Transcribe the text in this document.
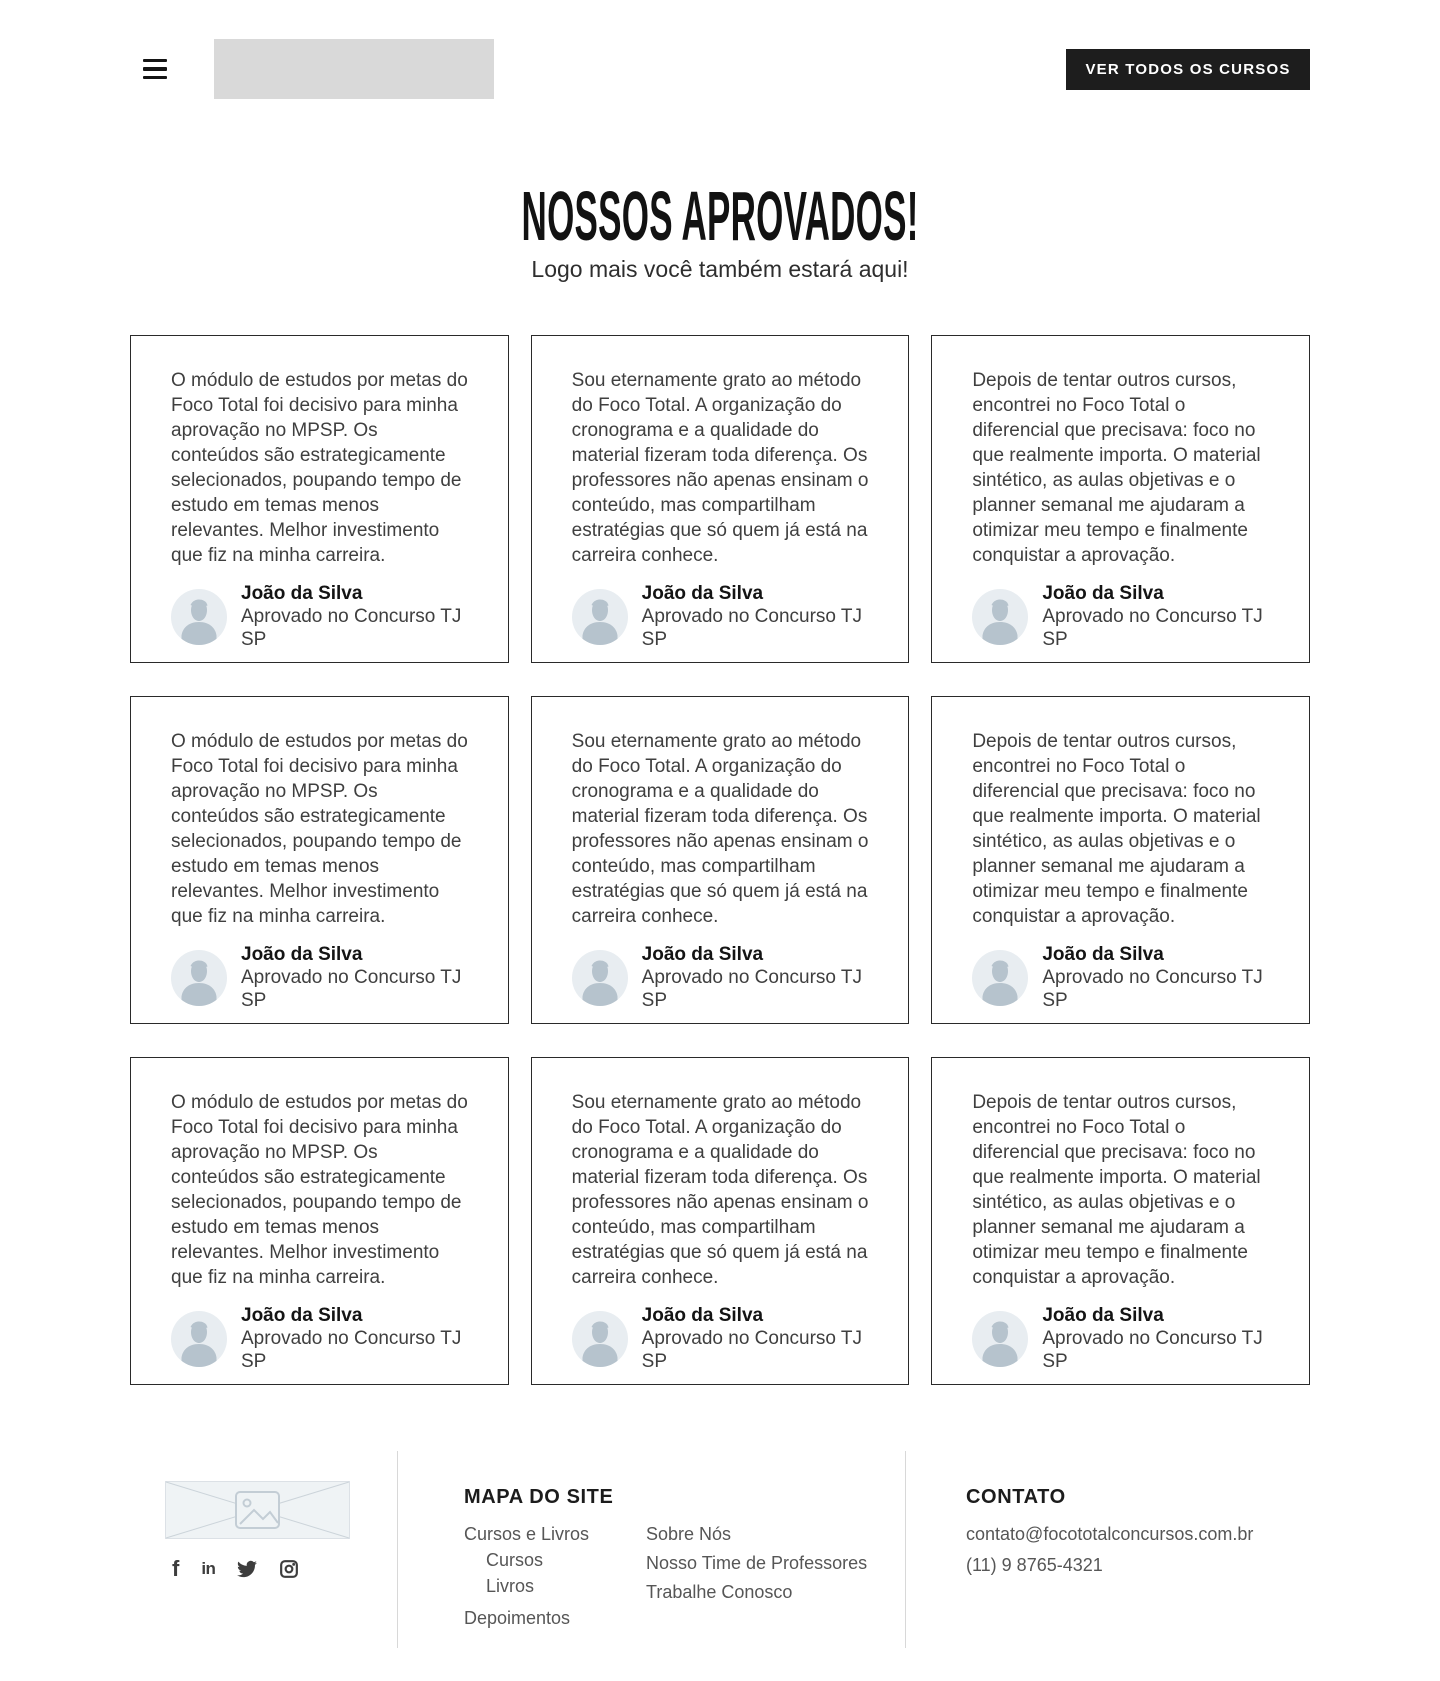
VER TODOS OS CURSOS
NOSSOS APROVADOS!

Logo mais você também estará aqui!

O módulo de estudos por metas do Foco Total foi decisivo para minha aprovação no MPSP. Os conteúdos são estrategicamente selecionados, poupando tempo de estudo em temas menos relevantes. Melhor investimento que fiz na minha carreira.

João da Silva
Aprovado no Concurso TJ SP

Sou eternamente grato ao método do Foco Total. A organização do cronograma e a qualidade do material fizeram toda diferença. Os professores não apenas ensinam o conteúdo, mas compartilham estratégias que só quem já está na carreira conhece.

João da Silva
Aprovado no Concurso TJ SP

Depois de tentar outros cursos, encontrei no Foco Total o diferencial que precisava: foco no que realmente importa. O material sintético, as aulas objetivas e o planner semanal me ajudaram a otimizar meu tempo e finalmente conquistar a aprovação.

João da Silva
Aprovado no Concurso TJ SP

O módulo de estudos por metas do Foco Total foi decisivo para minha aprovação no MPSP. Os conteúdos são estrategicamente selecionados, poupando tempo de estudo em temas menos relevantes. Melhor investimento que fiz na minha carreira.

João da Silva
Aprovado no Concurso TJ SP

Sou eternamente grato ao método do Foco Total. A organização do cronograma e a qualidade do material fizeram toda diferença. Os professores não apenas ensinam o conteúdo, mas compartilham estratégias que só quem já está na carreira conhece.

João da Silva
Aprovado no Concurso TJ SP

Depois de tentar outros cursos, encontrei no Foco Total o diferencial que precisava: foco no que realmente importa. O material sintético, as aulas objetivas e o planner semanal me ajudaram a otimizar meu tempo e finalmente conquistar a aprovação.

João da Silva
Aprovado no Concurso TJ SP

O módulo de estudos por metas do Foco Total foi decisivo para minha aprovação no MPSP. Os conteúdos são estrategicamente selecionados, poupando tempo de estudo em temas menos relevantes. Melhor investimento que fiz na minha carreira.

João da Silva
Aprovado no Concurso TJ SP

Sou eternamente grato ao método do Foco Total. A organização do cronograma e a qualidade do material fizeram toda diferença. Os professores não apenas ensinam o conteúdo, mas compartilham estratégias que só quem já está na carreira conhece.

João da Silva
Aprovado no Concurso TJ SP

Depois de tentar outros cursos, encontrei no Foco Total o diferencial que precisava: foco no que realmente importa. O material sintético, as aulas objetivas e o planner semanal me ajudaram a otimizar meu tempo e finalmente conquistar a aprovação.

João da Silva
Aprovado no Concurso TJ SP
f in
MAPA DO SITE
Cursos e Livros
Cursos
Livros
Depoimentos
Sobre Nós
Nosso Time de Professores
Trabalhe Conosco
CONTATO
contato@focototalconcursos.com.br
(11) 9 8765-4321
